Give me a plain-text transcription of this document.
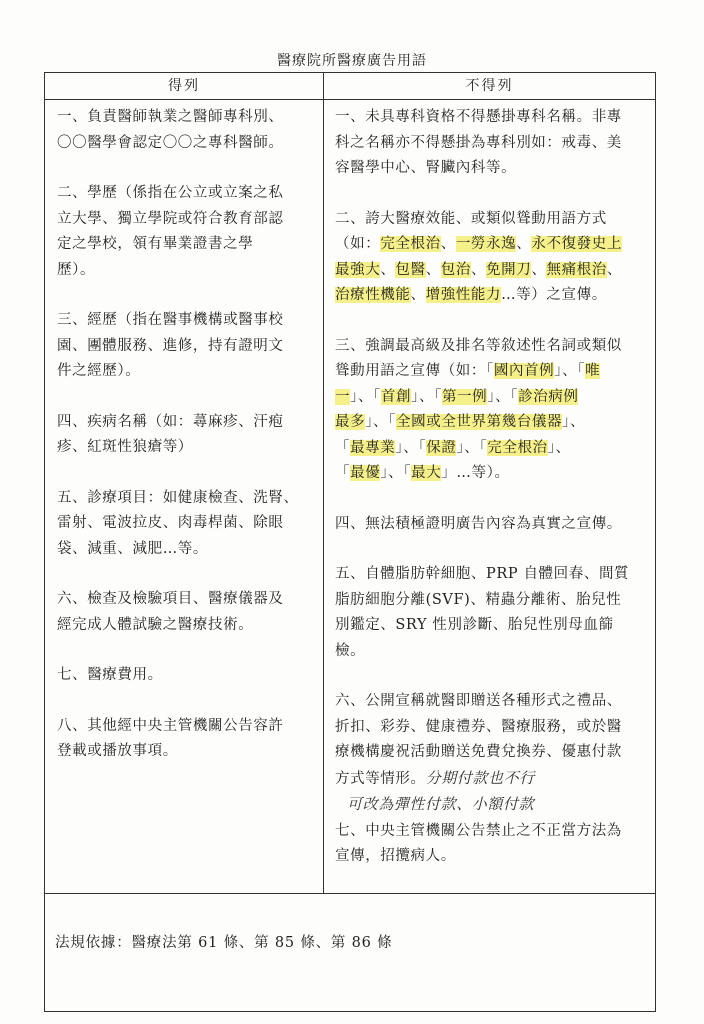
醫療院所醫療廣告用語
得列	不得列

一、負責醫師執業之醫師專科別、

〇〇醫學會認定〇〇之專科醫師。

二、學歷（係指在公立或立案之私

立大學、獨立學院或符合教育部認

定之學校，領有畢業證書之學

歷）。

三、經歷（指在醫事機構或醫事校

園、團體服務、進修，持有證明文

件之經歷）。

四、疾病名稱（如：蕁麻疹、汗疱

疹、紅斑性狼瘡等）

五、診療項目：如健康檢查、洗腎、

雷射、電波拉皮、肉毒桿菌、除眼

袋、減重、減肥…等。

六、檢查及檢驗項目、醫療儀器及

經完成人體試驗之醫療技術。

七、醫療費用。

八、其他經中央主管機關公告容許

登載或播放事項。

一、未具專科資格不得懸掛專科名稱。非專

科之名稱亦不得懸掛為專科別如：戒毒、美

容醫學中心、腎臟內科等。

二、誇大醫療效能、或類似聳動用語方式

（如：完全根治、一勞永逸、永不復發史上

最強大、包醫、包治、免開刀、無痛根治、

治療性機能、增強性能力…等）之宣傳。

三、強調最高級及排名等敘述性名詞或類似

聳動用語之宣傳（如：「國內首例」、「唯

一」、「首創」、「第一例」、「診治病例

最多」、「全國或全世界第幾台儀器」、

「最專業」、「保證」、「完全根治」、

「最優」、「最大」…等）。

四、無法積極證明廣告內容為真實之宣傳。

五、自體脂肪幹細胞、PRP 自體回春、間質

脂肪細胞分離(SVF)、精蟲分離術、胎兒性

別鑑定、SRY 性別診斷、胎兒性別母血篩

檢。

六、公開宣稱就醫即贈送各種形式之禮品、

折扣、彩券、健康禮券、醫療服務，或於醫

療機構慶祝活動贈送免費兌換券、優惠付款

方式等情形。分期付款也不行

可改為彈性付款、小額付款

七、中央主管機關公告禁止之不正當方法為

宣傳，招攬病人。

法規依據：醫療法第 61 條、第 85 條、第 86 條
